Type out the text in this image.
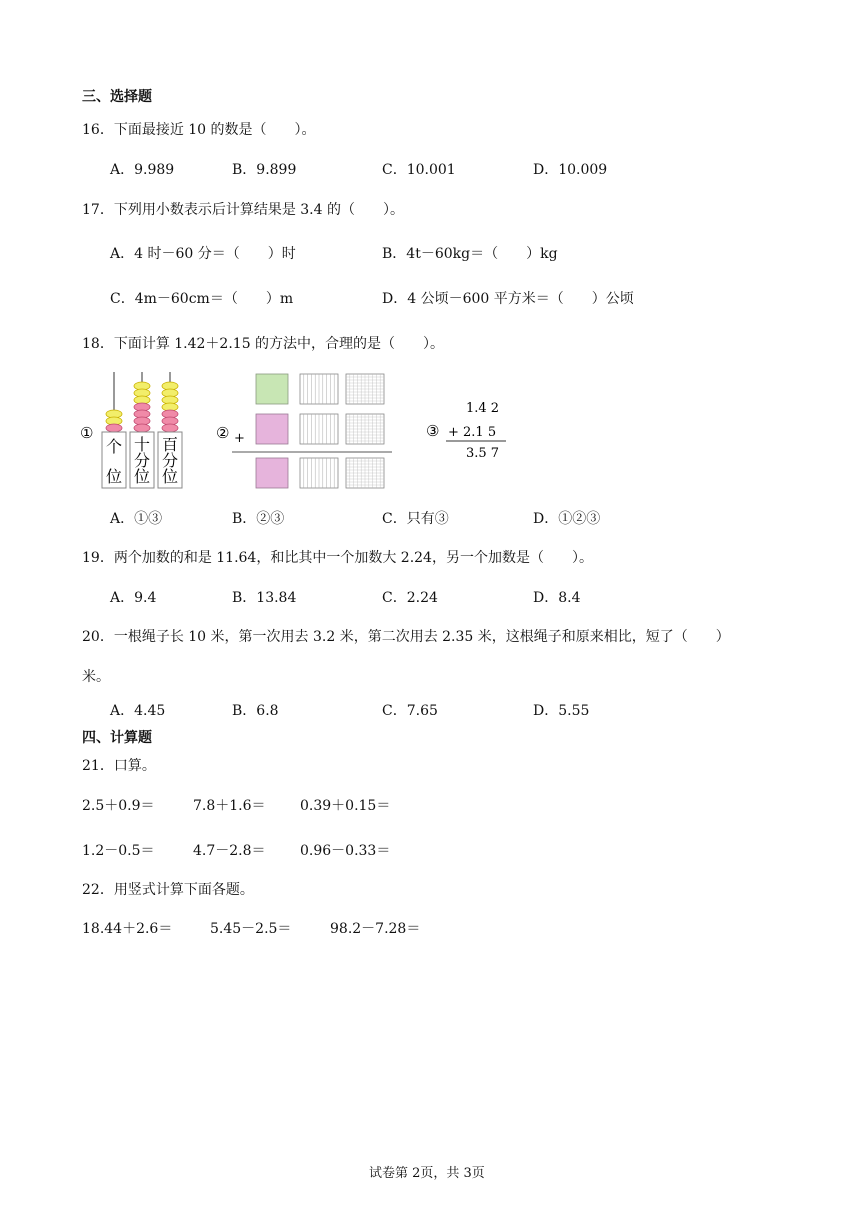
三、选择题
16．下面最接近 10 的数是（　　）。
A．9.989	B．9.899	C．10.001	D．10.009
17．下列用小数表示后计算结果是 3.4 的（　　）。
A．4 时－60 分＝（　　）时	B．4t－60kg＝（　　）kg
C．4m－60cm＝（　　）m	D．4 公顷－600 平方米＝（　　）公顷
18．下面计算 1.42＋2.15 的方法中，合理的是（　　）。
①
个
位
十
分
位
百
分
位
② +
1.4 2
③ + 2.1 5
3.5 7
A．①③	B．②③	C．只有③	D．①②③
19．两个加数的和是 11.64，和比其中一个加数大 2.24，另一个加数是（　　）。
A．9.4	B．13.84	C．2.24	D．8.4
20．一根绳子长 10 米，第一次用去 3.2 米，第二次用去 2.35 米，这根绳子和原来相比，短了（　　）
米。
A．4.45	B．6.8	C．7.65	D．5.55
四、计算题
21．口算。
2.5＋0.9＝	7.8＋1.6＝ 0.39＋0.15＝
1.2－0.5＝	4.7－2.8＝ 0.96－0.33＝
22．用竖式计算下面各题。
18.44＋2.6＝	5.45－2.5＝	98.2－7.28＝
试卷第 2页，共 3页
